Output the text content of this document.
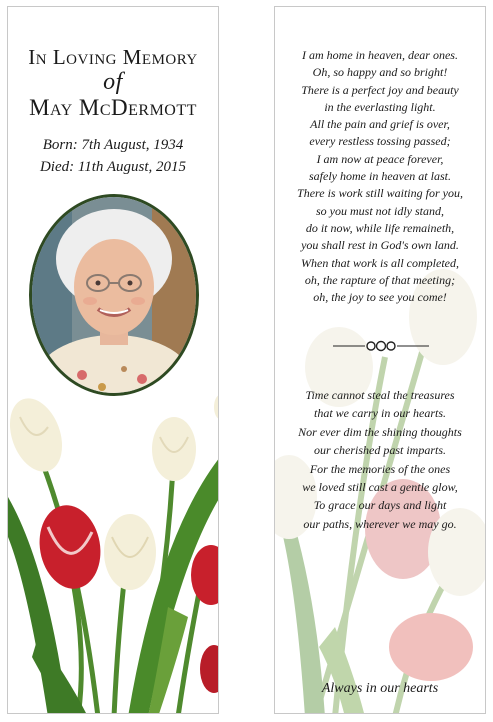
In Loving Memory
of
May McDermott
Born: 7th August, 1934
Died: 11th August, 2015
I am home in heaven, dear ones.
Oh, so happy and so bright!
There is a perfect joy and beauty
in the everlasting light.
All the pain and grief is over,
every restless tossing passed;
I am now at peace forever,
safely home in heaven at last.
There is work still waiting for you,
so you must not idly stand,
do it now, while life remaineth,
you shall rest in God's own land.
When that work is all completed,
oh, the rapture of that meeting;
oh, the joy to see you come!
Time cannot steal the treasures
that we carry in our hearts.
Nor ever dim the shining thoughts
our cherished past imparts.
For the memories of the ones
we loved still cast a gentle glow,
To grace our days and light
our paths, wherever we may go.
Always in our hearts
